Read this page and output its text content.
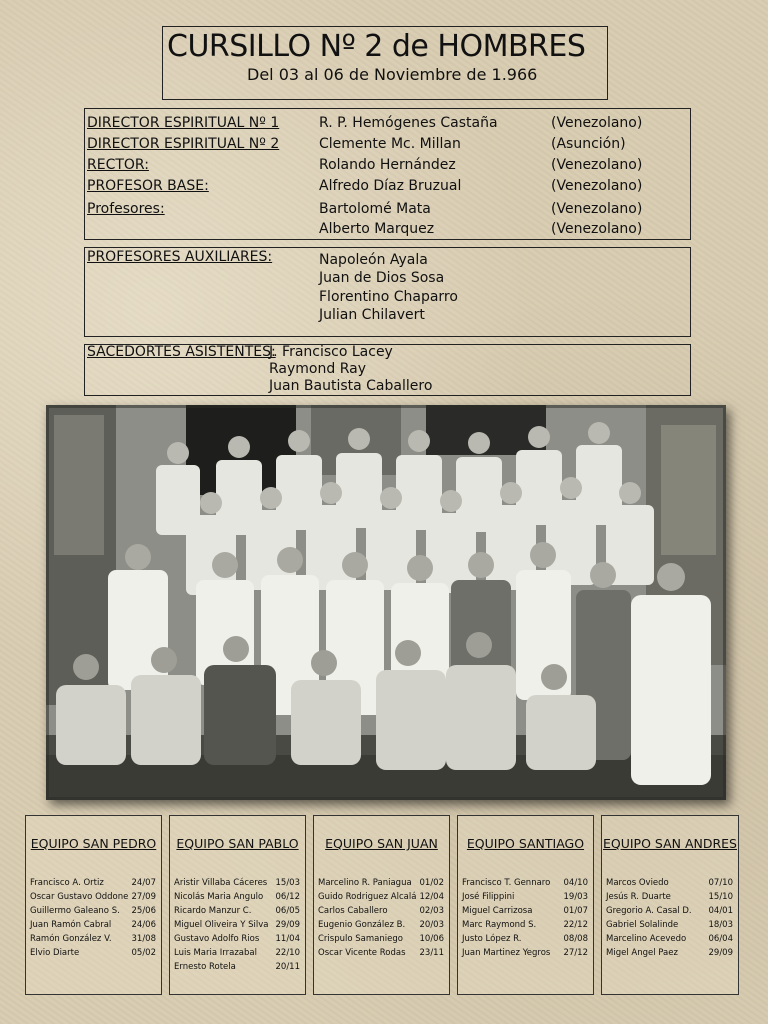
CURSILLO Nº 2 de HOMBRES
Del 03 al 06 de Noviembre de 1.966
DIRECTOR ESPIRITUAL Nº 1	R. P. Hemógenes Castaña	(Venezolano)
DIRECTOR ESPIRITUAL Nº 2	Clemente Mc. Millan	(Asunción)
RECTOR:	Rolando Hernández	(Venezolano)
PROFESOR BASE:	Alfredo Díaz Bruzual	(Venezolano)
Profesores:	Bartolomé Mata	(Venezolano)
Alberto Marquez	(Venezolano)
PROFESORES AUXILIARES:	Napoleón Ayala
Juan de Dios Sosa
Florentino Chaparro
Julian Chilavert
SACEDORTES ASISTENTES:
J. Francisco Lacey
Raymond Ray
Juan Bautista Caballero
EQUIPO SAN PEDRO
Francisco A. Ortiz	24/07
Oscar Gustavo Oddone 27/09
Guillermo Galeano S. 25/06
Juan Ramón Cabral 24/06
Ramón González V. 31/08
Elvio Diarte	05/02
EQUIPO SAN PABLO
Aristir Villaba Cáceres 15/03
Nicolás Maria Angulo 06/12
Ricardo Manzur C.	06/05
Miguel Oliveira Y Silva 29/09
Gustavo Adolfo Rios 11/04
Luis Maria Irrazabal 22/10
Ernesto Rotela	20/11
EQUIPO SAN JUAN
Marcelino R. Paniagua 01/02
Guido Rodriguez Alcalá 12/04
Carlos Caballero	02/03
Eugenio González B. 20/03
Crispulo Samaniego 10/06
Oscar Vicente Rodas 23/11
EQUIPO SANTIAGO
Francisco T. Gennaro 04/10
José Filippini	19/03
Miguel Carrizosa	01/07
Marc Raymond S.	22/12
Justo López R.	08/08
Juan Martinez Yegros 27/12
EQUIPO SAN ANDRES
Marcos Oviedo	07/10
Jesús R. Duarte	15/10
Gregorio A. Casal D. 04/01
Gabriel Solalinde	18/03
Marcelino Acevedo	06/04
Migel Angel Paez	29/09
